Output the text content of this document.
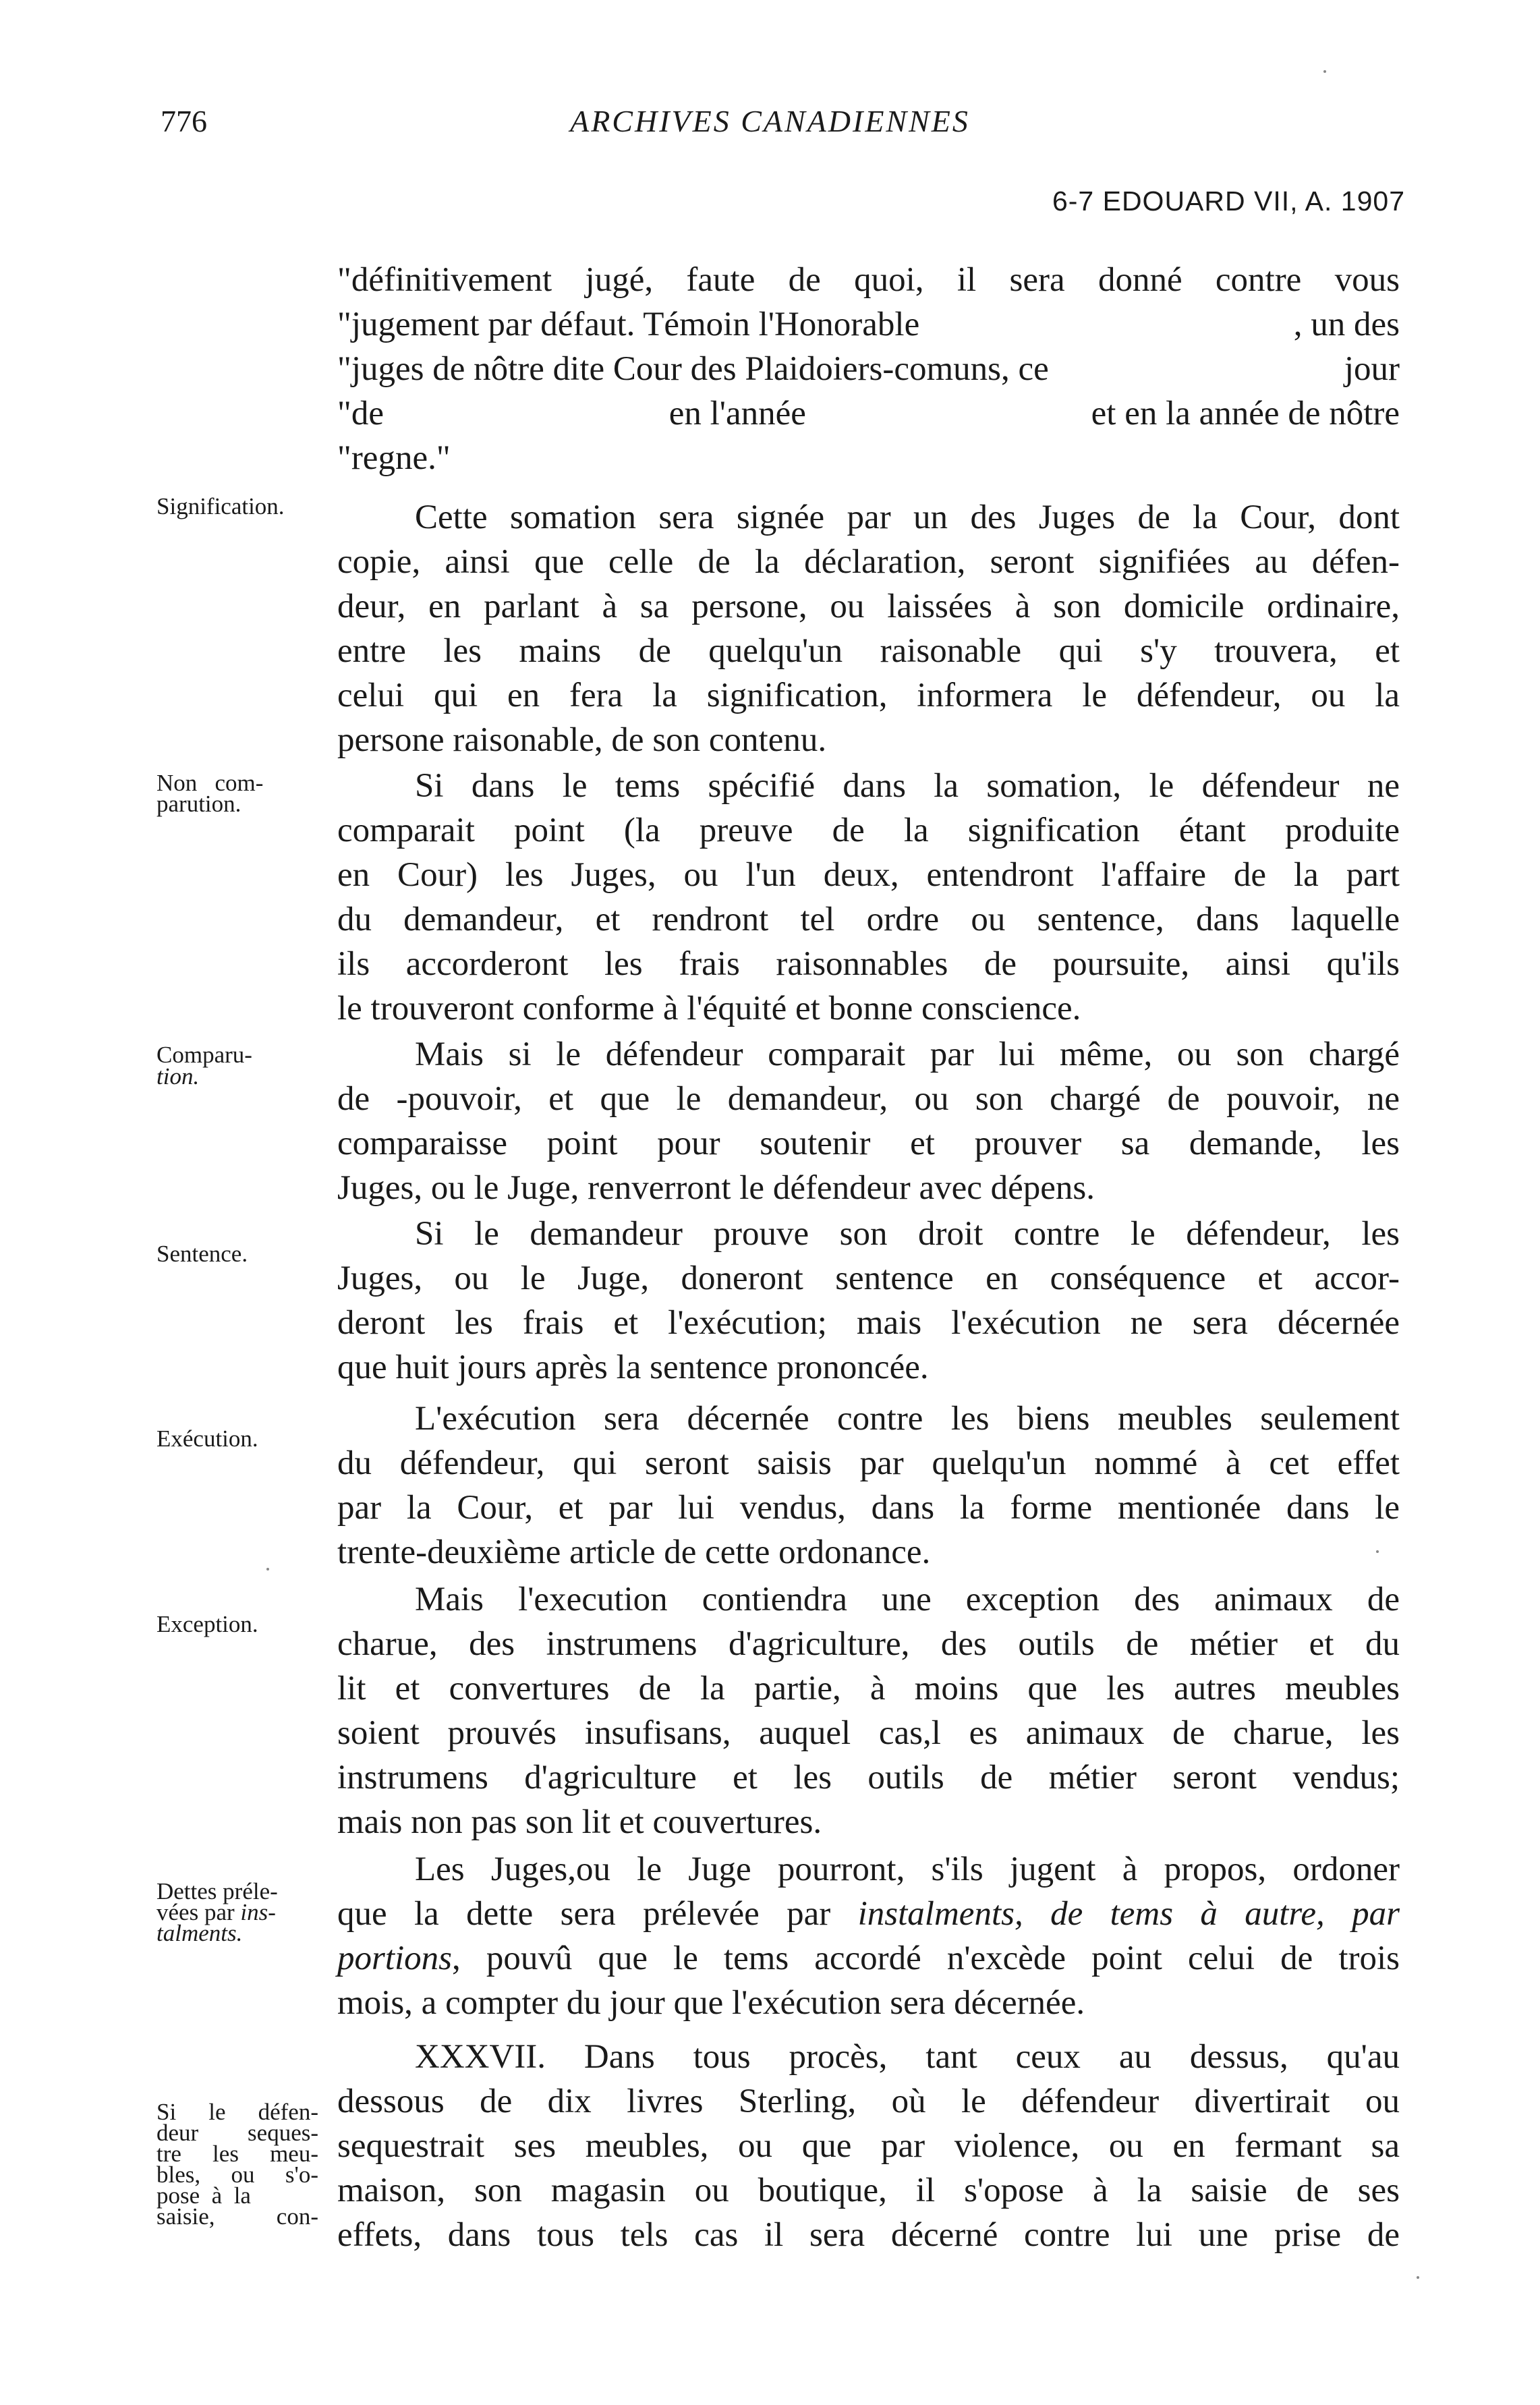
776	ARCHIVES CANADIENNES
6-7 EDOUARD VII, A. 1907
"définitivement jugé, faute de quoi, il sera donné contre vous
"jugement par défaut. Témoin l'Honorable	, un des
"juges de nôtre dite Cour des Plaidoiers-comuns, ce	jour
"de	en l'année	et en la année de nôtre
"regne."
Signification.	Cette somation sera signée par un des Juges de la Cour, dont
copie, ainsi que celle de la déclaration, seront signifiées au défen-
deur, en parlant à sa persone, ou laissées à son domicile ordinaire,
entre les mains de quelqu'un raisonable qui s'y trouvera, et
celui qui en fera la signification, informera le défendeur, ou la
persone raisonable, de son contenu.
Non   com-
parution.	Si dans le tems spécifié dans la somation, le défendeur ne
comparait point (la preuve de la signification étant produite
en Cour) les Juges, ou l'un deux, entendront l'affaire de la part
du demandeur, et rendront tel ordre ou sentence, dans laquelle
ils accorderont les frais raisonnables de poursuite, ainsi qu'ils
le trouveront conforme à l'équité et bonne conscience.
Comparu-
tion.
Mais si le défendeur comparait par lui même, ou son chargé
de -pouvoir, et que le demandeur, ou son chargé de pouvoir, ne
comparaisse point pour soutenir et prouver sa demande, les
Juges, ou le Juge, renverront le défendeur avec dépens.
Sentence.
Si le demandeur prouve son droit contre le défendeur, les
Juges, ou le Juge, doneront sentence en conséquence et accor-
deront les frais et l'exécution; mais l'exécution ne sera décernée
que huit jours après la sentence prononcée.
Exécution.
L'exécution sera décernée contre les biens meubles seulement
du défendeur, qui seront saisis par quelqu'un nommé à cet effet
par la Cour, et par lui vendus, dans la forme mentionée dans le
trente-deuxième article de cette ordonance.
Exception.
Mais l'execution contiendra une exception des animaux de
charue, des instrumens d'agriculture, des outils de métier et du
lit et convertures de la partie, à moins que les autres meubles
soient prouvés insufisans, auquel cas,l es animaux de charue, les
instrumens d'agriculture et les outils de métier seront vendus;
mais non pas son lit et couvertures.
Dettes préle-
vées par ins-
talments.
Les Juges,ou le Juge pourront, s'ils jugent à propos, ordoner
que la dette sera prélevée par instalments, de tems à autre, par
portions, pouvû que le tems accordé n'excède point celui de trois
mois, a compter du jour que l'exécution sera décernée.
XXXVII. Dans tous procès, tant ceux au dessus, qu'au
dessous de dix livres Sterling, où le défendeur divertirait ou
sequestrait ses meubles, ou que par violence, ou en fermant sa
maison, son magasin ou boutique, il s'opose à la saisie de ses
effets, dans tous tels cas il sera décerné contre lui une prise de
Si le défen-
deur seques-
tre les meu-
bles, ou s'o-
pose  à  la
saisie, con-
